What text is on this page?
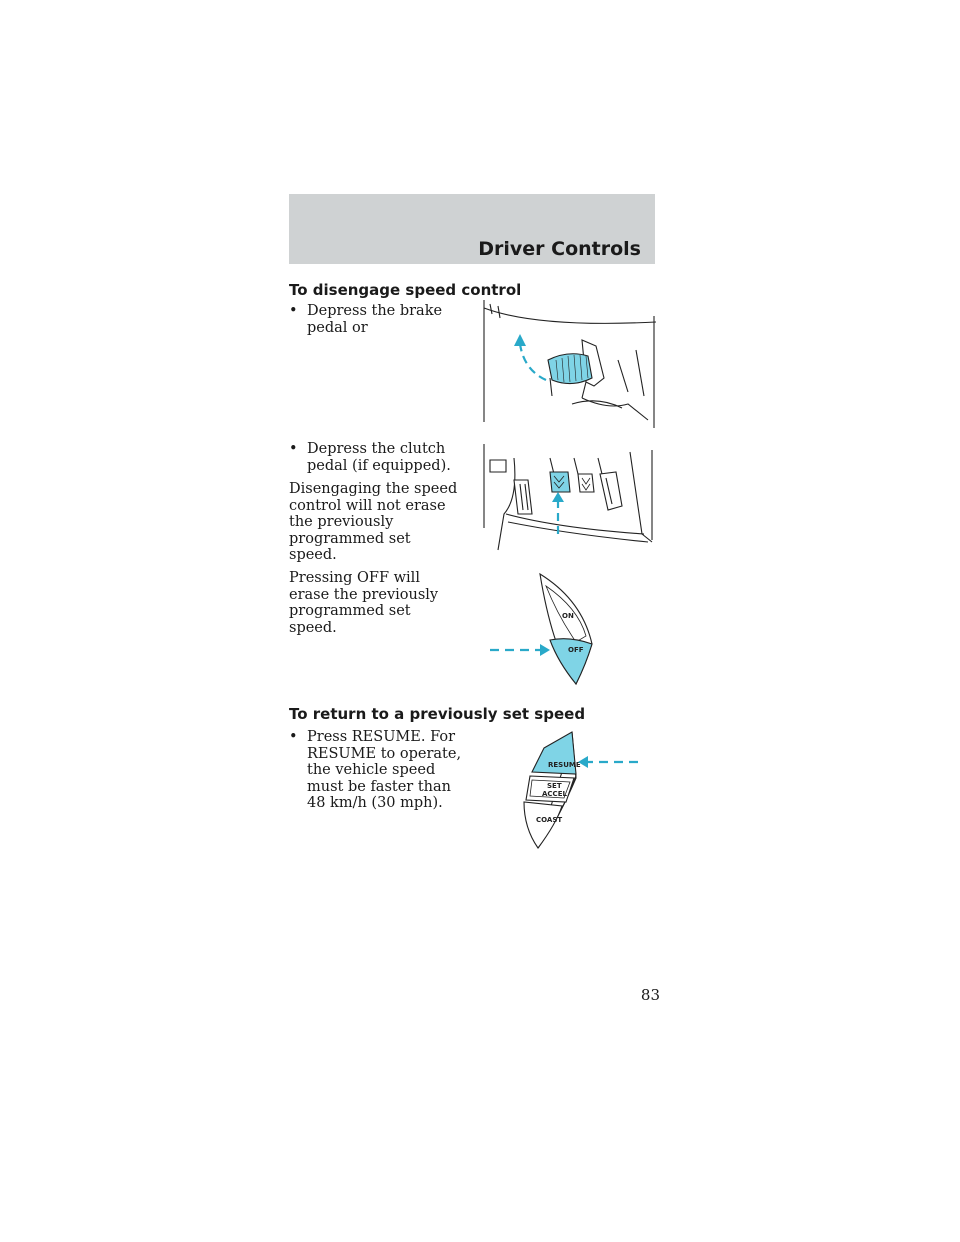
Driver Controls
To disengage speed control
• Depress the brake pedal or
• Depress the clutch pedal (if equipped).
Disengaging the speed control will not erase the previously programmed set speed.
Pressing OFF will erase the previously programmed set speed.
To return to a previously set speed
• Press RESUME. For RESUME to operate, the vehicle speed must be faster than 48 km/h (30 mph).
ON
OFF
RESUME
SET
ACCEL
COAST
83
